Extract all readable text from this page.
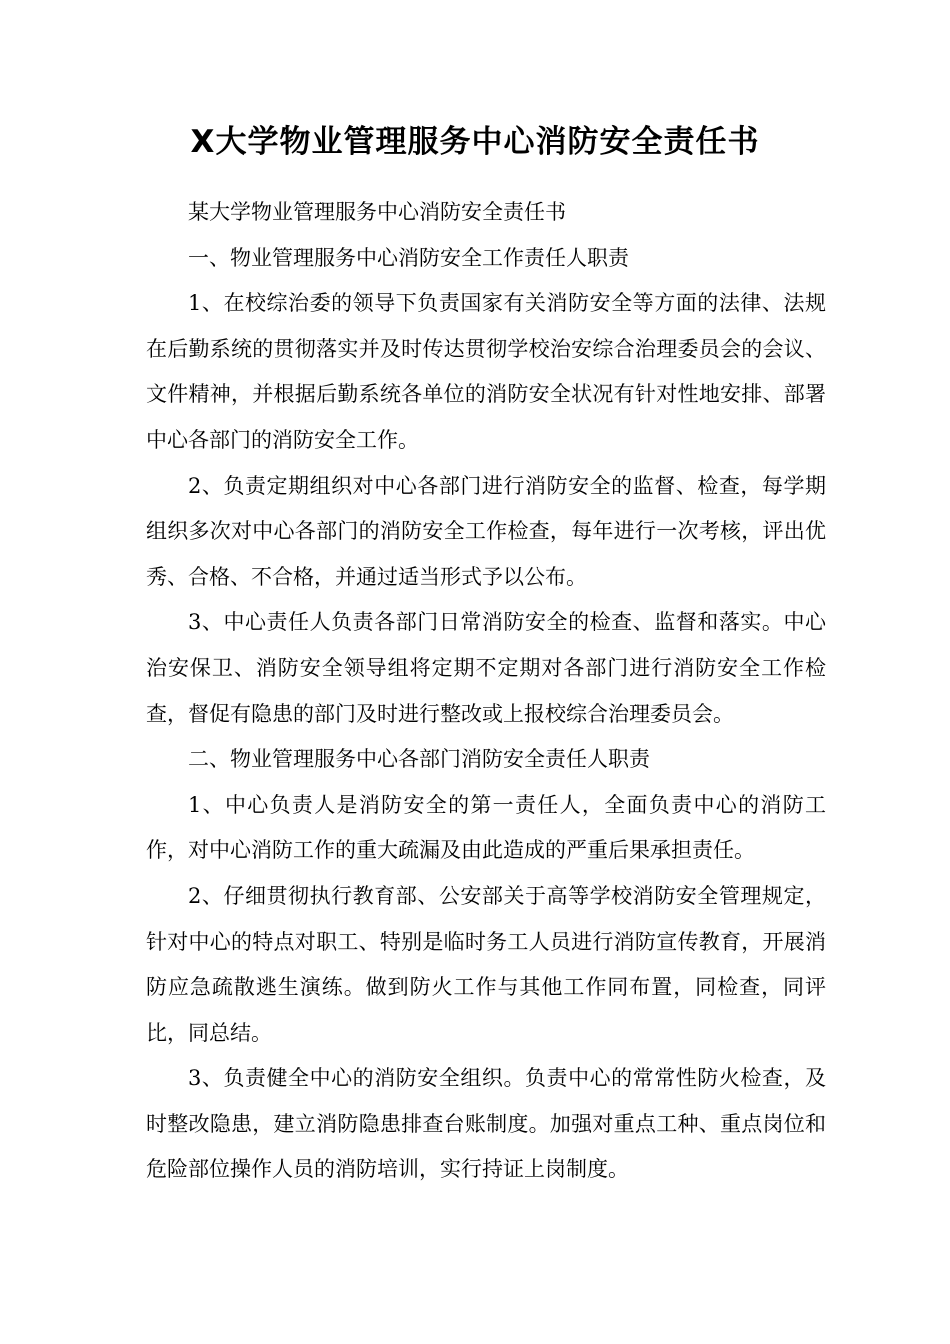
X大学物业管理服务中心消防安全责任书

某大学物业管理服务中心消防安全责任书

一、物业管理服务中心消防安全工作责任人职责

1、在校综治委的领导下负责国家有关消防安全等方面的法律、法规在后勤系统的贯彻落实并及时传达贯彻学校治安综合治理委员会的会议、文件精神，并根据后勤系统各单位的消防安全状况有针对性地安排、部署中心各部门的消防安全工作。

2、负责定期组织对中心各部门进行消防安全的监督、检查，每学期组织多次对中心各部门的消防安全工作检查，每年进行一次考核，评出优秀、合格、不合格，并通过适当形式予以公布。

3、中心责任人负责各部门日常消防安全的检查、监督和落实。中心治安保卫、消防安全领导组将定期不定期对各部门进行消防安全工作检查，督促有隐患的部门及时进行整改或上报校综合治理委员会。

二、物业管理服务中心各部门消防安全责任人职责

1、中心负责人是消防安全的第一责任人，全面负责中心的消防工作，对中心消防工作的重大疏漏及由此造成的严重后果承担责任。

2、仔细贯彻执行教育部、公安部关于高等学校消防安全管理规定，针对中心的特点对职工、特别是临时务工人员进行消防宣传教育，开展消防应急疏散逃生演练。做到防火工作与其他工作同布置，同检查，同评比，同总结。

3、负责健全中心的消防安全组织。负责中心的常常性防火检查，及时整改隐患，建立消防隐患排查台账制度。加强对重点工种、重点岗位和危险部位操作人员的消防培训，实行持证上岗制度。
